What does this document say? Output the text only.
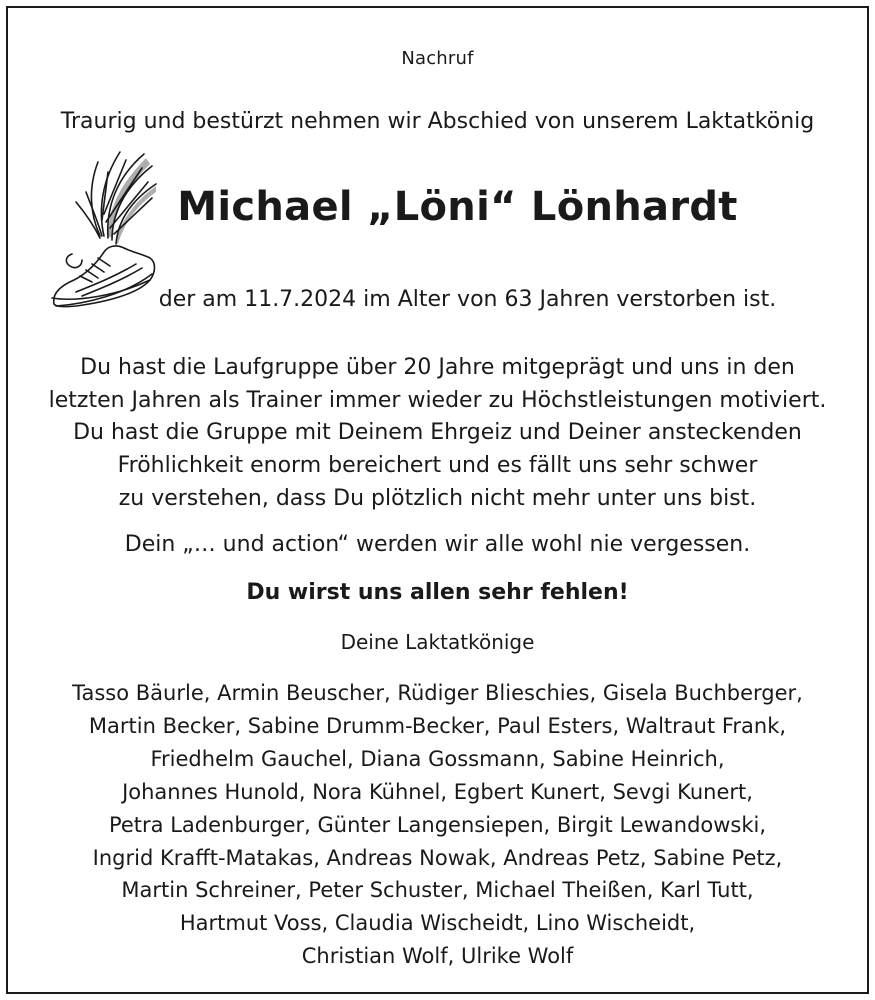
Nachruf
Traurig und bestürzt nehmen wir Abschied von unserem Laktatkönig
Michael „Löni“ Lönhardt
der am 11.7.2024 im Alter von 63 Jahren verstorben ist.
Du hast die Laufgruppe über 20 Jahre mitgeprägt und uns in den
letzten Jahren als Trainer immer wieder zu Höchstleistungen motiviert.
Du hast die Gruppe mit Deinem Ehrgeiz und Deiner ansteckenden
Fröhlichkeit enorm bereichert und es fällt uns sehr schwer
zu verstehen, dass Du plötzlich nicht mehr unter uns bist.
Dein „… und action“ werden wir alle wohl nie vergessen.
Du wirst uns allen sehr fehlen!
Deine Laktatkönige
Tasso Bäurle, Armin Beuscher, Rüdiger Blieschies, Gisela Buchberger,
Martin Becker, Sabine Drumm-Becker, Paul Esters, Waltraut Frank,
Friedhelm Gauchel, Diana Gossmann, Sabine Heinrich,
Johannes Hunold, Nora Kühnel, Egbert Kunert, Sevgi Kunert,
Petra Ladenburger, Günter Langensiepen, Birgit Lewandowski,
Ingrid Krafft-Matakas, Andreas Nowak, Andreas Petz, Sabine Petz,
Martin Schreiner, Peter Schuster, Michael Theißen, Karl Tutt,
Hartmut Voss, Claudia Wischeidt, Lino Wischeidt,
Christian Wolf, Ulrike Wolf
